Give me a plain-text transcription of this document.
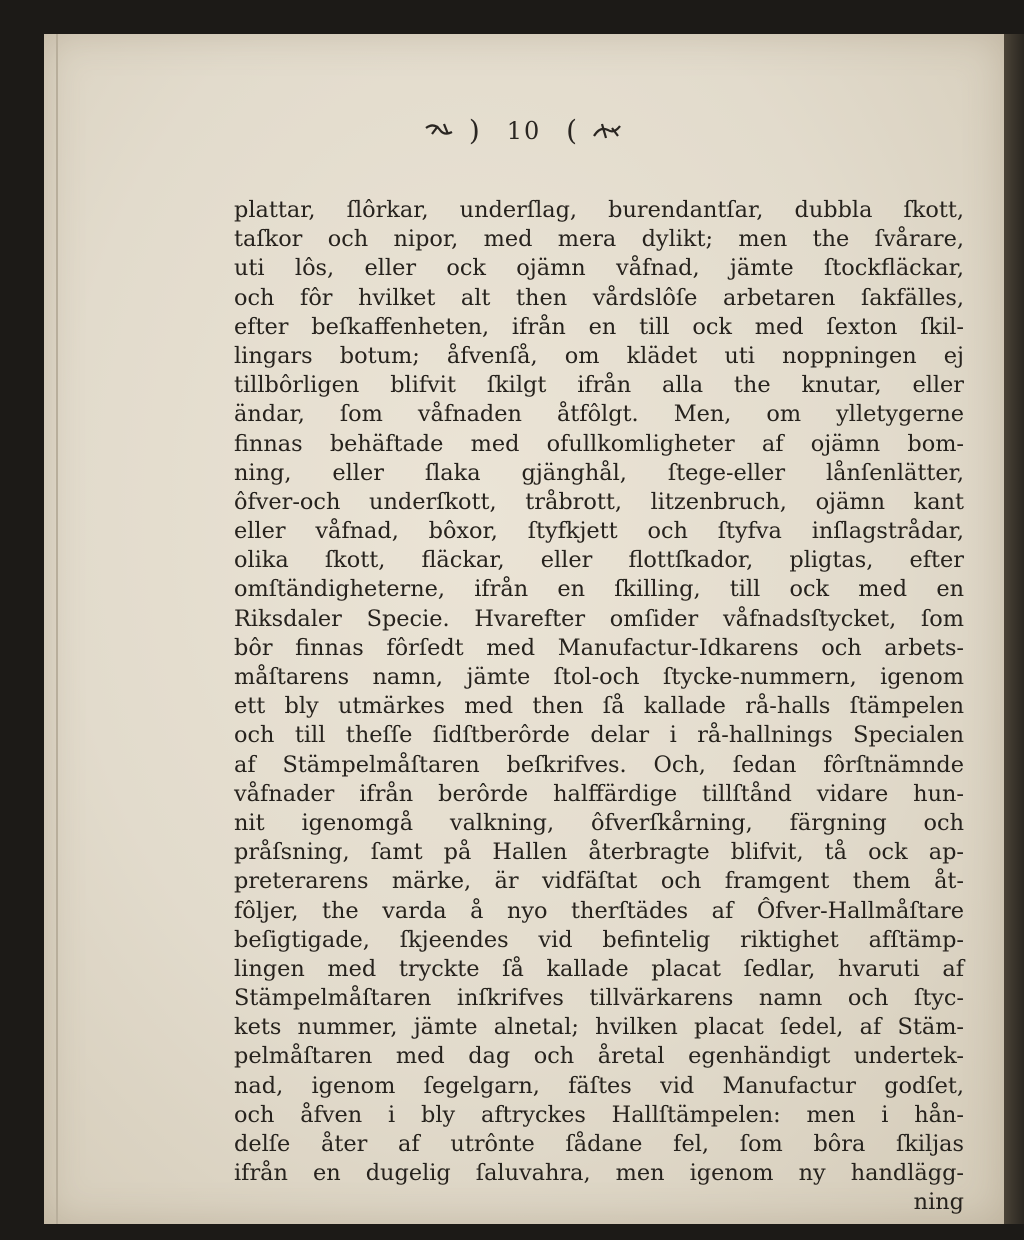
) 10 (
plattar, ſlôrkar, underſlag, burendantſar, dubbla ſkott,
taſkor och nipor, med mera dylikt; men the ſvårare,
uti lôs, eller ock ojämn våfnad, jämte ſtockfläckar,
och fôr hvilket alt then vårdslôſe arbetaren ſakfälles,
efter beſkaffenheten, ifrån en till ock med ſexton ſkil-
lingars botum; åfvenſå, om klädet uti noppningen ej
tillbôrligen blifvit ſkilgt ifrån alla the knutar, eller
ändar, ſom våfnaden åtfôlgt. Men, om ylletygerne
finnas behäftade med ofullkomligheter af ojämn bom-
ning, eller ſlaka gjänghål, ſtege-eller lånſenlätter,
ôfver-och underſkott, tråbrott, litzenbruch, ojämn kant
eller våfnad, bôxor, ſtyfkjett och ſtyfva inſlagstrådar,
olika ſkott, fläckar, eller flottſkador, pligtas, efter
omſtändigheterne, ifrån en ſkilling, till ock med en
Riksdaler Specie. Hvarefter omſider våfnadsſtycket, ſom
bôr finnas fôrſedt med Manufactur-Idkarens och arbets-
måſtarens namn, jämte ſtol-och ſtycke-nummern, igenom
ett bly utmärkes med then ſå kallade rå-halls ſtämpelen
och till theſſe ſidſtberôrde delar i rå-hallnings Specialen
af Stämpelmåſtaren beſkrifves. Och, ſedan fôrſtnämnde
våfnader ifrån berôrde halffärdige tillſtånd vidare hun-
nit igenomgå valkning, ôfverſkårning, färgning och
pråſsning, ſamt på Hallen återbragte blifvit, tå ock ap-
preterarens märke, är vidfäſtat och framgent them åt-
fôljer, the varda å nyo therſtädes af Ôfver-Hallmåſtare
beſigtigade, ſkjeendes vid befintelig riktighet afſtämp-
lingen med tryckte ſå kallade placat ſedlar, hvaruti af
Stämpelmåſtaren inſkrifves tillvärkarens namn och ſtyc-
kets nummer, jämte alnetal; hvilken placat ſedel, af Stäm-
pelmåſtaren med dag och åretal egenhändigt undertek-
nad, igenom ſegelgarn, fäſtes vid Manufactur godſet,
och åfven i bly aftryckes Hallſtämpelen: men i hån-
delſe åter af utrônte ſådane fel, ſom bôra ſkiljas
ifrån en dugelig ſaluvahra, men igenom ny handlägg-
ning
